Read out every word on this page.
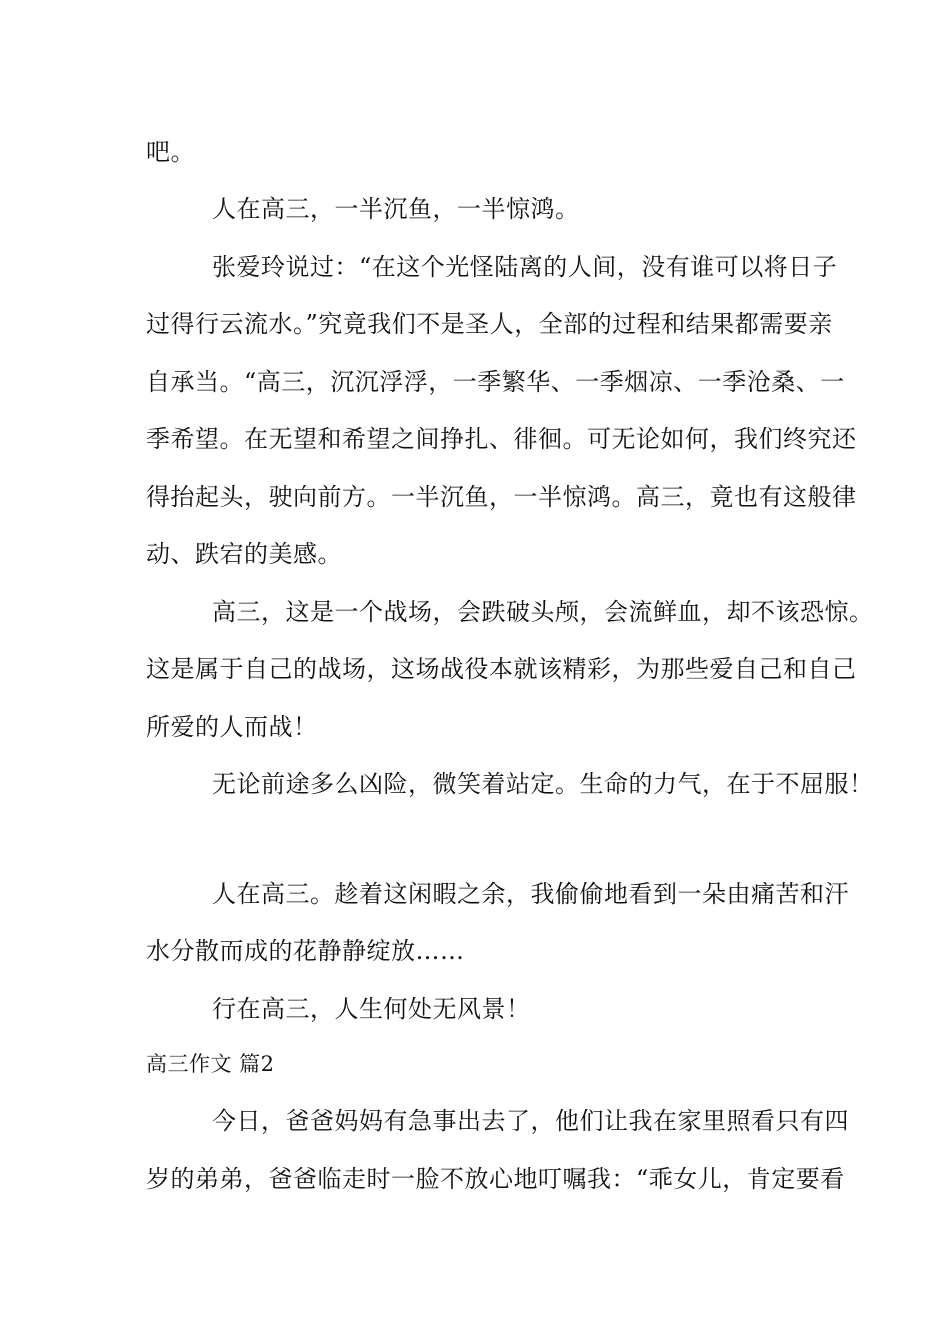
吧。
人在高三，一半沉鱼，一半惊鸿。
张爱玲说过：“在这个光怪陆离的人间，没有谁可以将日子
过得行云流水。”究竟我们不是圣人，全部的过程和结果都需要亲
自承当。“高三，沉沉浮浮，一季繁华、一季烟凉、一季沧桑、一
季希望。在无望和希望之间挣扎、徘徊。可无论如何，我们终究还
得抬起头，驶向前方。一半沉鱼，一半惊鸿。高三，竟也有这般律
动、跌宕的美感。
高三，这是一个战场，会跌破头颅，会流鲜血，却不该恐惊。
这是属于自己的战场，这场战役本就该精彩，为那些爱自己和自己
所爱的人而战！
无论前途多么凶险，微笑着站定。生命的力气，在于不屈服！
人在高三。趁着这闲暇之余，我偷偷地看到一朵由痛苦和汗
水分散而成的花静静绽放……
行在高三，人生何处无风景！
高三作文 篇2
今日，爸爸妈妈有急事出去了，他们让我在家里照看只有四
岁的弟弟，爸爸临走时一脸不放心地叮嘱我：“乖女儿，肯定要看
